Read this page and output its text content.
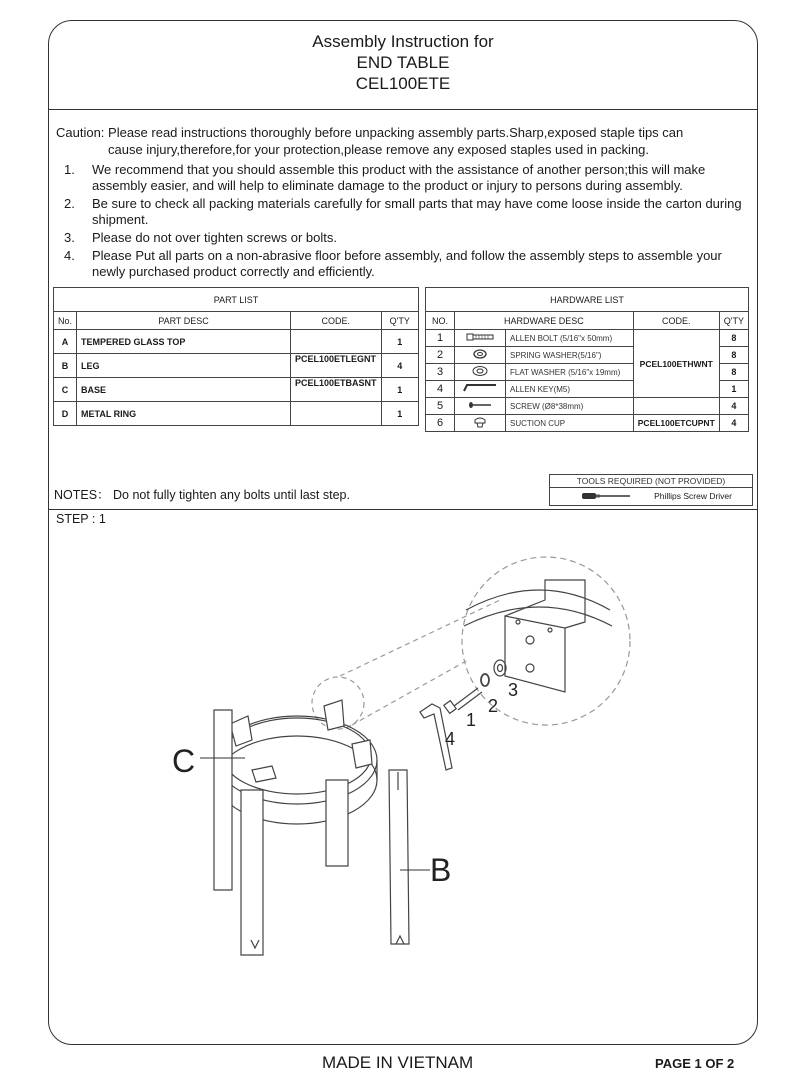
Assembly Instruction for
END TABLE
CEL100ETE
Caution: Please read instructions thoroughly before unpacking assembly parts.Sharp,exposed staple tips can
cause injury,therefore,for your protection,please remove any exposed staples used in packing.
1. We recommend that you should assemble this product with the assistance of another person;this will make assembly easier, and will help to eliminate damage to the product or injury to persons during assembly.
2. Be sure to check all packing materials carefully for small parts that may have come loose inside the carton during shipment.
3. Please do not over tighten screws or bolts.
4. Please Put all parts on a non-abrasive floor before assembly, and follow the assembly steps to assemble your newly purchased product correctly and efficiently.
PART LIST			
No.	PART DESC	CODE.	Q'TY
A	TEMPERED GLASS TOP		1
B	LEG	PCEL100ETLEGNT	4
C	BASE	PCEL100ETBASNT	1
D	METAL RING		1
HARDWARE LIST				
NO.	HARDWARE DESC		CODE.	Q'TY
1		ALLEN BOLT (5/16"x 50mm)	PCEL100ETHWNT	8
2		SPRING WASHER(5/16")		8
3		FLAT WASHER (5/16"x 19mm)		8
4		ALLEN KEY(M5)		1
5		SCREW (Ø8*38mm)		4
6		SUCTION CUP	PCEL100ETCUPNT	4
NOTES： Do not fully tighten any bolts until last step.
TOOLS REQUIRED (NOT PROVIDED)
Phillips Screw Driver
STEP : 1
C
B
1
2
3
4
MADE IN VIETNAM	PAGE 1 OF 2
